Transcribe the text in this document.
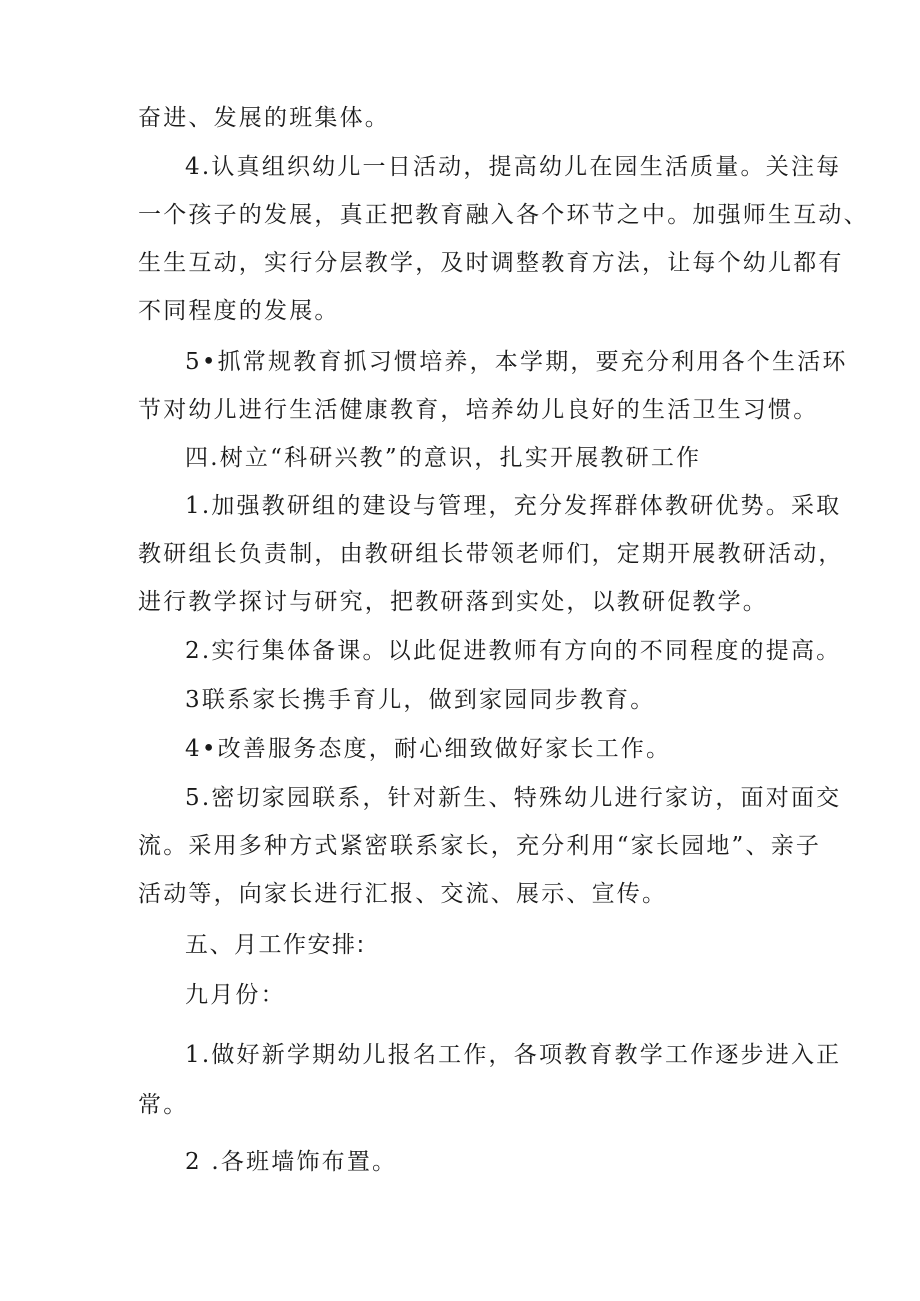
奋进、发展的班集体。
4.认真组织幼儿一日活动，提高幼儿在园生活质量。关注每
一个孩子的发展，真正把教育融入各个环节之中。加强师生互动、
生生互动，实行分层教学，及时调整教育方法，让每个幼儿都有
不同程度的发展。
5•抓常规教育抓习惯培养，本学期，要充分利用各个生活环
节对幼儿进行生活健康教育，培养幼儿良好的生活卫生习惯。
四.树立“科研兴教”的意识，扎实开展教研工作
1.加强教研组的建设与管理，充分发挥群体教研优势。采取
教研组长负责制，由教研组长带领老师们，定期开展教研活动，
进行教学探讨与研究，把教研落到实处，以教研促教学。
2.实行集体备课。以此促进教师有方向的不同程度的提高。
3联系家长携手育儿，做到家园同步教育。
4•改善服务态度，耐心细致做好家长工作。
5.密切家园联系，针对新生、特殊幼儿进行家访，面对面交
流。采用多种方式紧密联系家长，充分利用“家长园地”、亲子
活动等，向家长进行汇报、交流、展示、宣传。
五、月工作安排:
九月份：
1.做好新学期幼儿报名工作，各项教育教学工作逐步进入正
常。
2 .各班墙饰布置。
